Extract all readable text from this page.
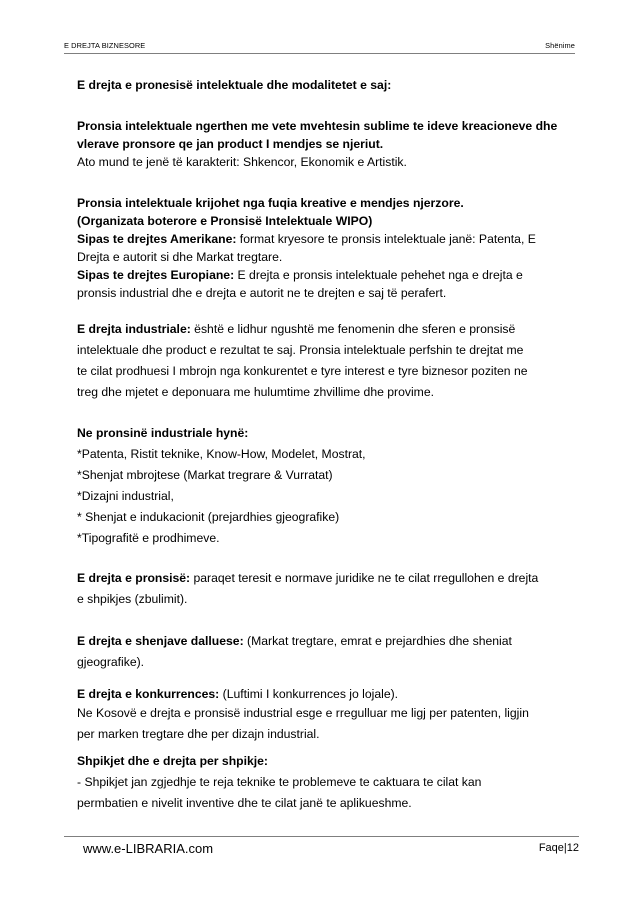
E DREJTA BIZNESORE	Shënime
E drejta e pronesisë intelektuale dhe modalitetet e saj:
Pronsia intelektuale ngerthen me vete mvehtesin sublime te ideve kreacioneve dhe
vlerave pronsore qe jan product I mendjes se njeriut.
Ato mund te jenë të karakterit: Shkencor, Ekonomik e Artistik.
Pronsia intelektuale krijohet nga fuqia kreative e mendjes njerzore.
(Organizata boterore e Pronsisë Intelektuale WIPO)
Sipas te drejtes Amerikane: format kryesore te pronsis intelektuale janë: Patenta, E
Drejta e autorit si dhe Markat tregtare.
Sipas te drejtes Europiane: E drejta e pronsis intelektuale pehehet nga e drejta e
pronsis industrial dhe e drejta e autorit ne te drejten e saj të perafert.
E drejta industriale: është e lidhur ngushtë me fenomenin dhe sferen e pronsisë
intelektuale dhe product e rezultat te saj. Pronsia intelektuale perfshin te drejtat me
te cilat prodhuesi I mbrojn nga konkurentet e tyre interest e tyre biznesor poziten ne
treg dhe mjetet e deponuara me hulumtime zhvillime dhe provime.
Ne pronsinë industriale hynë:
*Patenta, Ristit teknike, Know-How, Modelet, Mostrat,
*Shenjat mbrojtese (Markat tregrare & Vurratat)
*Dizajni industrial,
* Shenjat e indukacionit (prejardhies gjeografike)
*Tipografitë e prodhimeve.
E drejta e pronsisë: paraqet teresit e normave juridike ne te cilat rregullohen e drejta
e shpikjes (zbulimit).
E drejta e shenjave dalluese: (Markat tregtare, emrat e prejardhies dhe sheniat
gjeografike).
E drejta e konkurrences: (Luftimi I konkurrences jo lojale).
Ne Kosovë e drejta e pronsisë industrial esge e rregulluar me ligj per patenten, ligjin
per marken tregtare dhe per dizajn industrial.
Shpikjet dhe e drejta per shpikje:
- Shpikjet jan zgjedhje te reja teknike te problemeve te caktuara te cilat kan
permbatien e nivelit inventive dhe te cilat janë te aplikueshme.
www.e-LIBRARIA.com	Faqe|12
